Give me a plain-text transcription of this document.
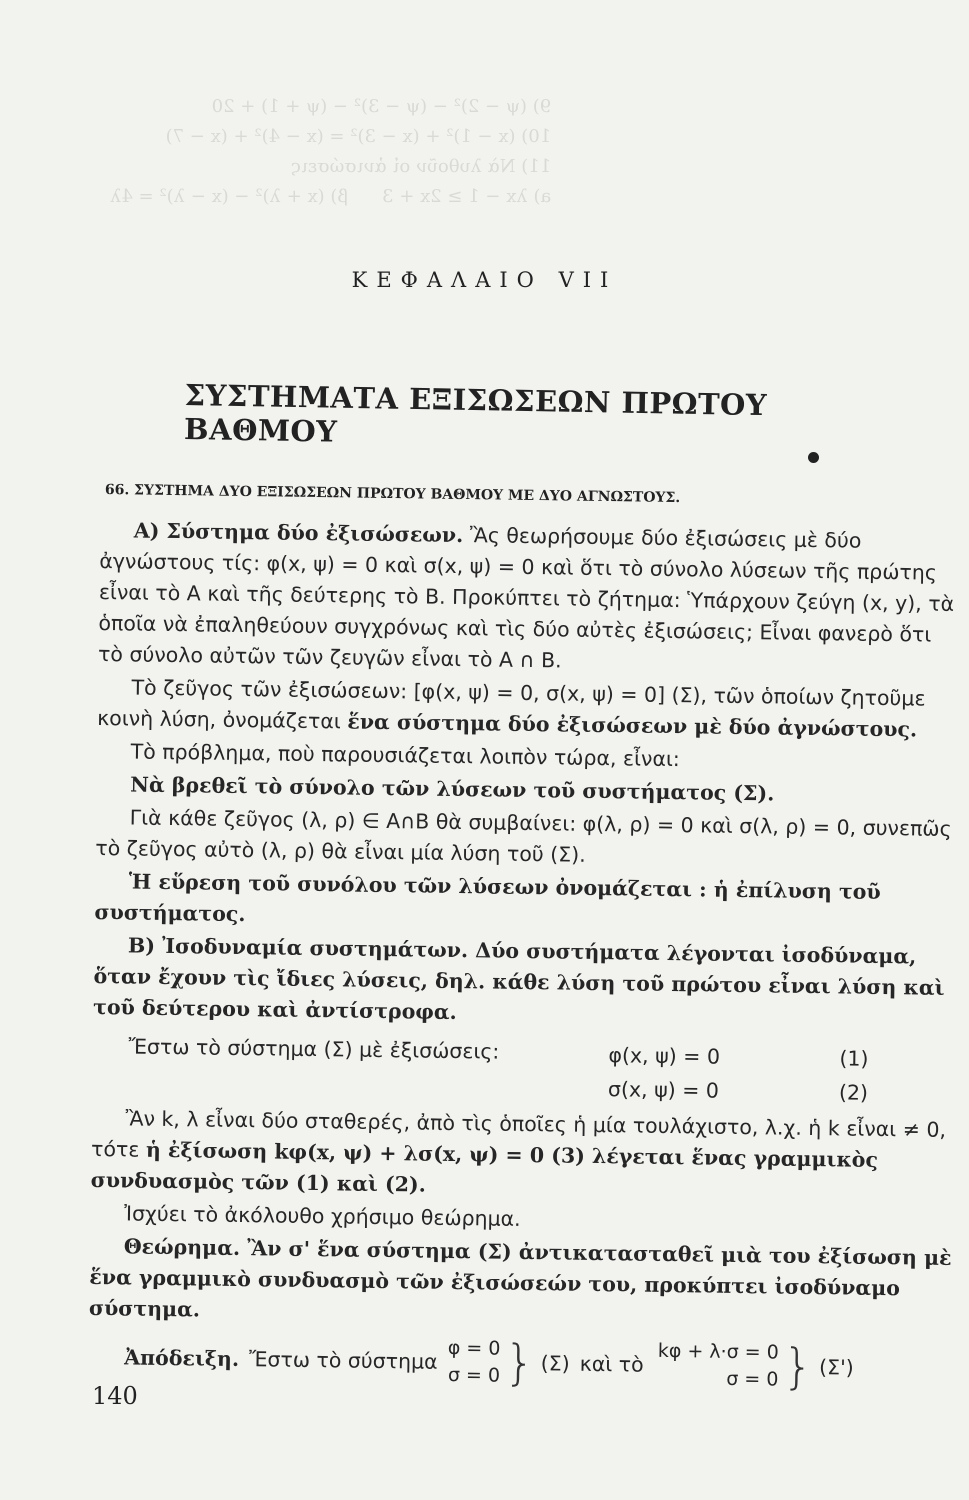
9) (ψ − 2)² − (ψ − 3)² − (ψ + 1) + 20
10) (x − 1)² + (x − 3)² = (x − 4)² + (x − 7)
11) Νὰ λυθοῦν οἱ ἀνισώσεις
a) λx − 1 ≥ 2x + 3      β) (x + λ)² − (x − λ)² = 4λ
ΚΕΦΑΛΑΙΟ VII
ΣΥΣΤΗΜΑΤΑ ΕΞΙΣΩΣΕΩΝ ΠΡΩΤΟΥ ΒΑΘΜΟΥ
66. ΣΥΣΤΗΜΑ ΔΥΟ ΕΞΙΣΩΣΕΩΝ ΠΡΩΤΟΥ ΒΑΘΜΟΥ ΜΕ ΔΥΟ ΑΓΝΩΣΤΟΥΣ.

Α) Σύστημα δύο ἐξισώσεων. Ἂς θεωρήσουμε δύο ἐξισώσεις μὲ δύο ἀγνώστους τίς: φ(x, ψ) = 0 καὶ σ(x, ψ) = 0 καὶ ὅτι τὸ σύνολο λύσεων τῆς πρώτης εἶναι τὸ Α καὶ τῆς δεύτερης τὸ Β. Προκύπτει τὸ ζήτημα: Ὑπάρχουν ζεύγη (x, y), τὰ ὁποῖα νὰ ἐπαληθεύουν συγχρόνως καὶ τὶς δύο αὐτὲς ἐξισώσεις; Εἶναι φανερὸ ὅτι τὸ σύνολο αὐτῶν τῶν ζευγῶν εἶναι τὸ Α ∩ Β.

Τὸ ζεῦγος τῶν ἐξισώσεων: [φ(x, ψ) = 0, σ(x, ψ) = 0] (Σ), τῶν ὁποίων ζητοῦμε κοινὴ λύση, ὀνομάζεται ἕνα σύστημα δύο ἐξισώσεων μὲ δύο ἀγνώστους.

Τὸ πρόβλημα, ποὺ παρουσιάζεται λοιπὸν τώρα, εἶναι:

Νὰ βρεθεῖ τὸ σύνολο τῶν λύσεων τοῦ συστήματος (Σ).

Γιὰ κάθε ζεῦγος (λ, ρ) ∈ Α∩Β θὰ συμβαίνει: φ(λ, ρ) = 0 καὶ σ(λ, ρ) = 0, συνεπῶς τὸ ζεῦγος αὐτὸ (λ, ρ) θὰ εἶναι μία λύση τοῦ (Σ).

Ἡ εὕρεση τοῦ συνόλου τῶν λύσεων ὀνομάζεται : ἡ ἐπίλυση τοῦ συστήματος.

Β) Ἰσοδυναμία συστημάτων. Δύο συστήματα λέγονται ἰσοδύναμα, ὅταν ἔχουν τὶς ἴδιες λύσεις, δηλ. κάθε λύση τοῦ πρώτου εἶναι λύση καὶ τοῦ δεύτερου καὶ ἀντίστροφα.

Ἔστω τὸ σύστημα (Σ) μὲ ἐξισώσεις:	φ(x, ψ) = 0	(1)
σ(x, ψ) = 0	(2)

Ἂν k, λ εἶναι δύο σταθερές, ἀπὸ τὶς ὁποῖες ἡ μία τουλάχιστο, λ.χ. ἡ k εἶναι ≠ 0, τότε ἡ ἐξίσωση kφ(x, ψ) + λσ(x, ψ) = 0 (3) λέγεται ἕνας γραμμικὸς συνδυασμὸς τῶν (1) καὶ (2).

Ἰσχύει τὸ ἀκόλουθο χρήσιμο θεώρημα.

Θεώρημα. Ἂν σ' ἕνα σύστημα (Σ) ἀντικατασταθεῖ μιὰ του ἐξίσωση μὲ ἕνα γραμμικὸ συνδυασμὸ τῶν ἐξισώσεών του, προκύπτει ἰσοδύναμο σύστημα.

Ἀπόδειξη. Ἔστω τὸ σύστημα φ = 0
σ = 0 } (Σ) καὶ τὸ kφ + λ·σ = 0
σ = 0 } (Σ')
140
